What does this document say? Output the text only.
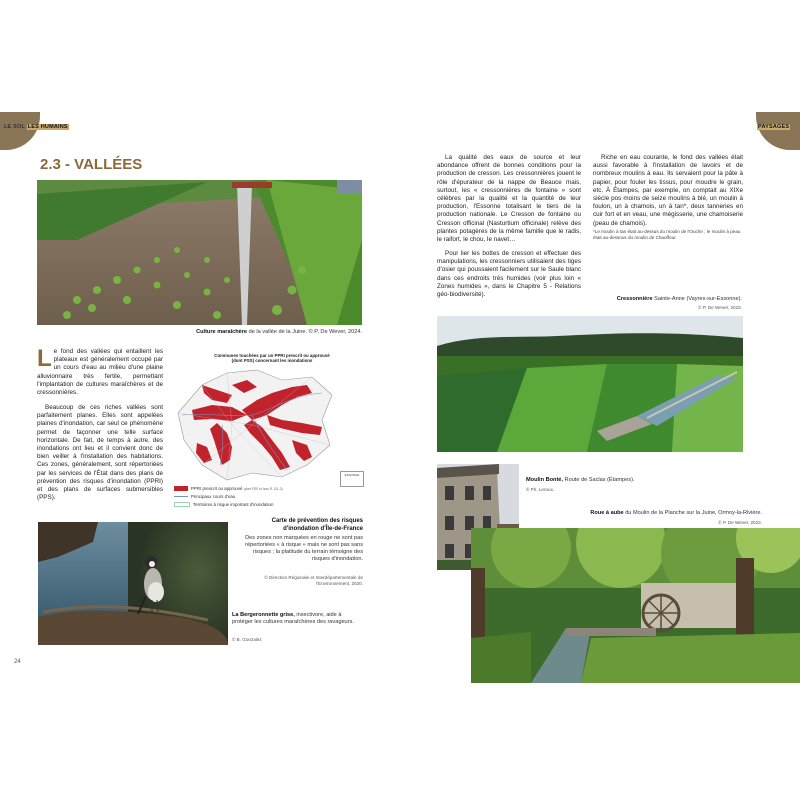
LE SOL LES HUMAINS	PAYSAGES
2.3 - VALLÉES
Culture maraîchère de la vallée de la Juine. © P. De Wever, 2024.
Le fond des vallées qui entaillent les plateaux est généralement occupé par un cours d'eau au milieu d'une plaine alluvionnaire très fertile, permettant l'implantation de cultures maraîchères et de cressonnières.
Beaucoup de ces riches vallées sont parfaitement planes. Elles sont appelées plaines d'inondation, car seul ce phénomène permet de façonner une telle surface horizontale. De fait, de temps à autre, des inondations ont lieu et il convient donc de bien veiller à l'installation des habitations. Ces zones, généralement, sont répertoriées par les services de l'État dans des plans de prévention des risques d'inondation (PPRI) et des plans de surfaces submersibles (PPS).
Communes touchées par un PPRI prescrit ou approuvé (dont PSS) concernant les inondations
ESSONNE
PPRI prescrit ou approuvé
(dont PSS et hors R. 111-3)
Principaux cours d'eau
Territoires à risque important d'inondation
Carte de prévention des risques d'inondation d'Île-de-France
Des zones non marquées en rouge ne sont pas répertoriées « à risque » mais ne sont pas sans risques ; la platitude du terrain témoigne des risques d'inondation.
© Direction Régionale et Interdépartementale de l'Environnement, 2020.
La Bergeronnette grise, insectivore, aide à protéger les cultures maraîchères des ravageurs.
© B. Gonzalez
24
La qualité des eaux de source et leur abondance offrent de bonnes conditions pour la production de cresson. Les cressonnières jouent le rôle d'épurateur de la nappe de Beauce mais, surtout, les « cressonnières de fontaine » sont célèbres par la qualité et la quantité de leur production, l'Essonne totalisant le tiers de la production nationale. Le Cresson de fontaine ou Cresson officinal (Nasturtium officinale) relève des plantes potagères de la même famille que le radis, le raifort, le chou, le navet…
Pour lier les bottes de cresson et effectuer des manipulations, les cressonniers utilisaient des tiges d'osier qui poussaient facilement sur le Saule blanc dans ces endroits très humides (voir plus loin « Zones humides », dans le Chapitre 5 - Relations géo-biodiversité).
Riche en eau courante, le fond des vallées était aussi favorable à l'installation de lavoirs et de nombreux moulins à eau. Ils servaient pour la pâte à papier, pour fouler les tissus, pour moudre le grain, etc. À Étampes, par exemple, on comptait au XIXe siècle pos moins de seize moulins à blé, un moulin à foulon, un à chamois, un à tan*, deux tanneries en cuir fort et en veau, une mégisserie, une chamoiserie (peau de chamois).
*Le moulin à tan était au-dessus du moulin de l'Ouche ; le moulin à peau était au-dessous du moulin de Chauffour.
Cressonnière Sainte-Anne (Vayres-sur-Essonne).
© P. De Wever, 2023.
Moulin Bonté, Route de Saclas (Étampes).
© Ph. Leroux.
Roue à aube du Moulin de la Planche sur la Juine, Ormoy-la-Rivière.
© P. De Wever, 2023.
